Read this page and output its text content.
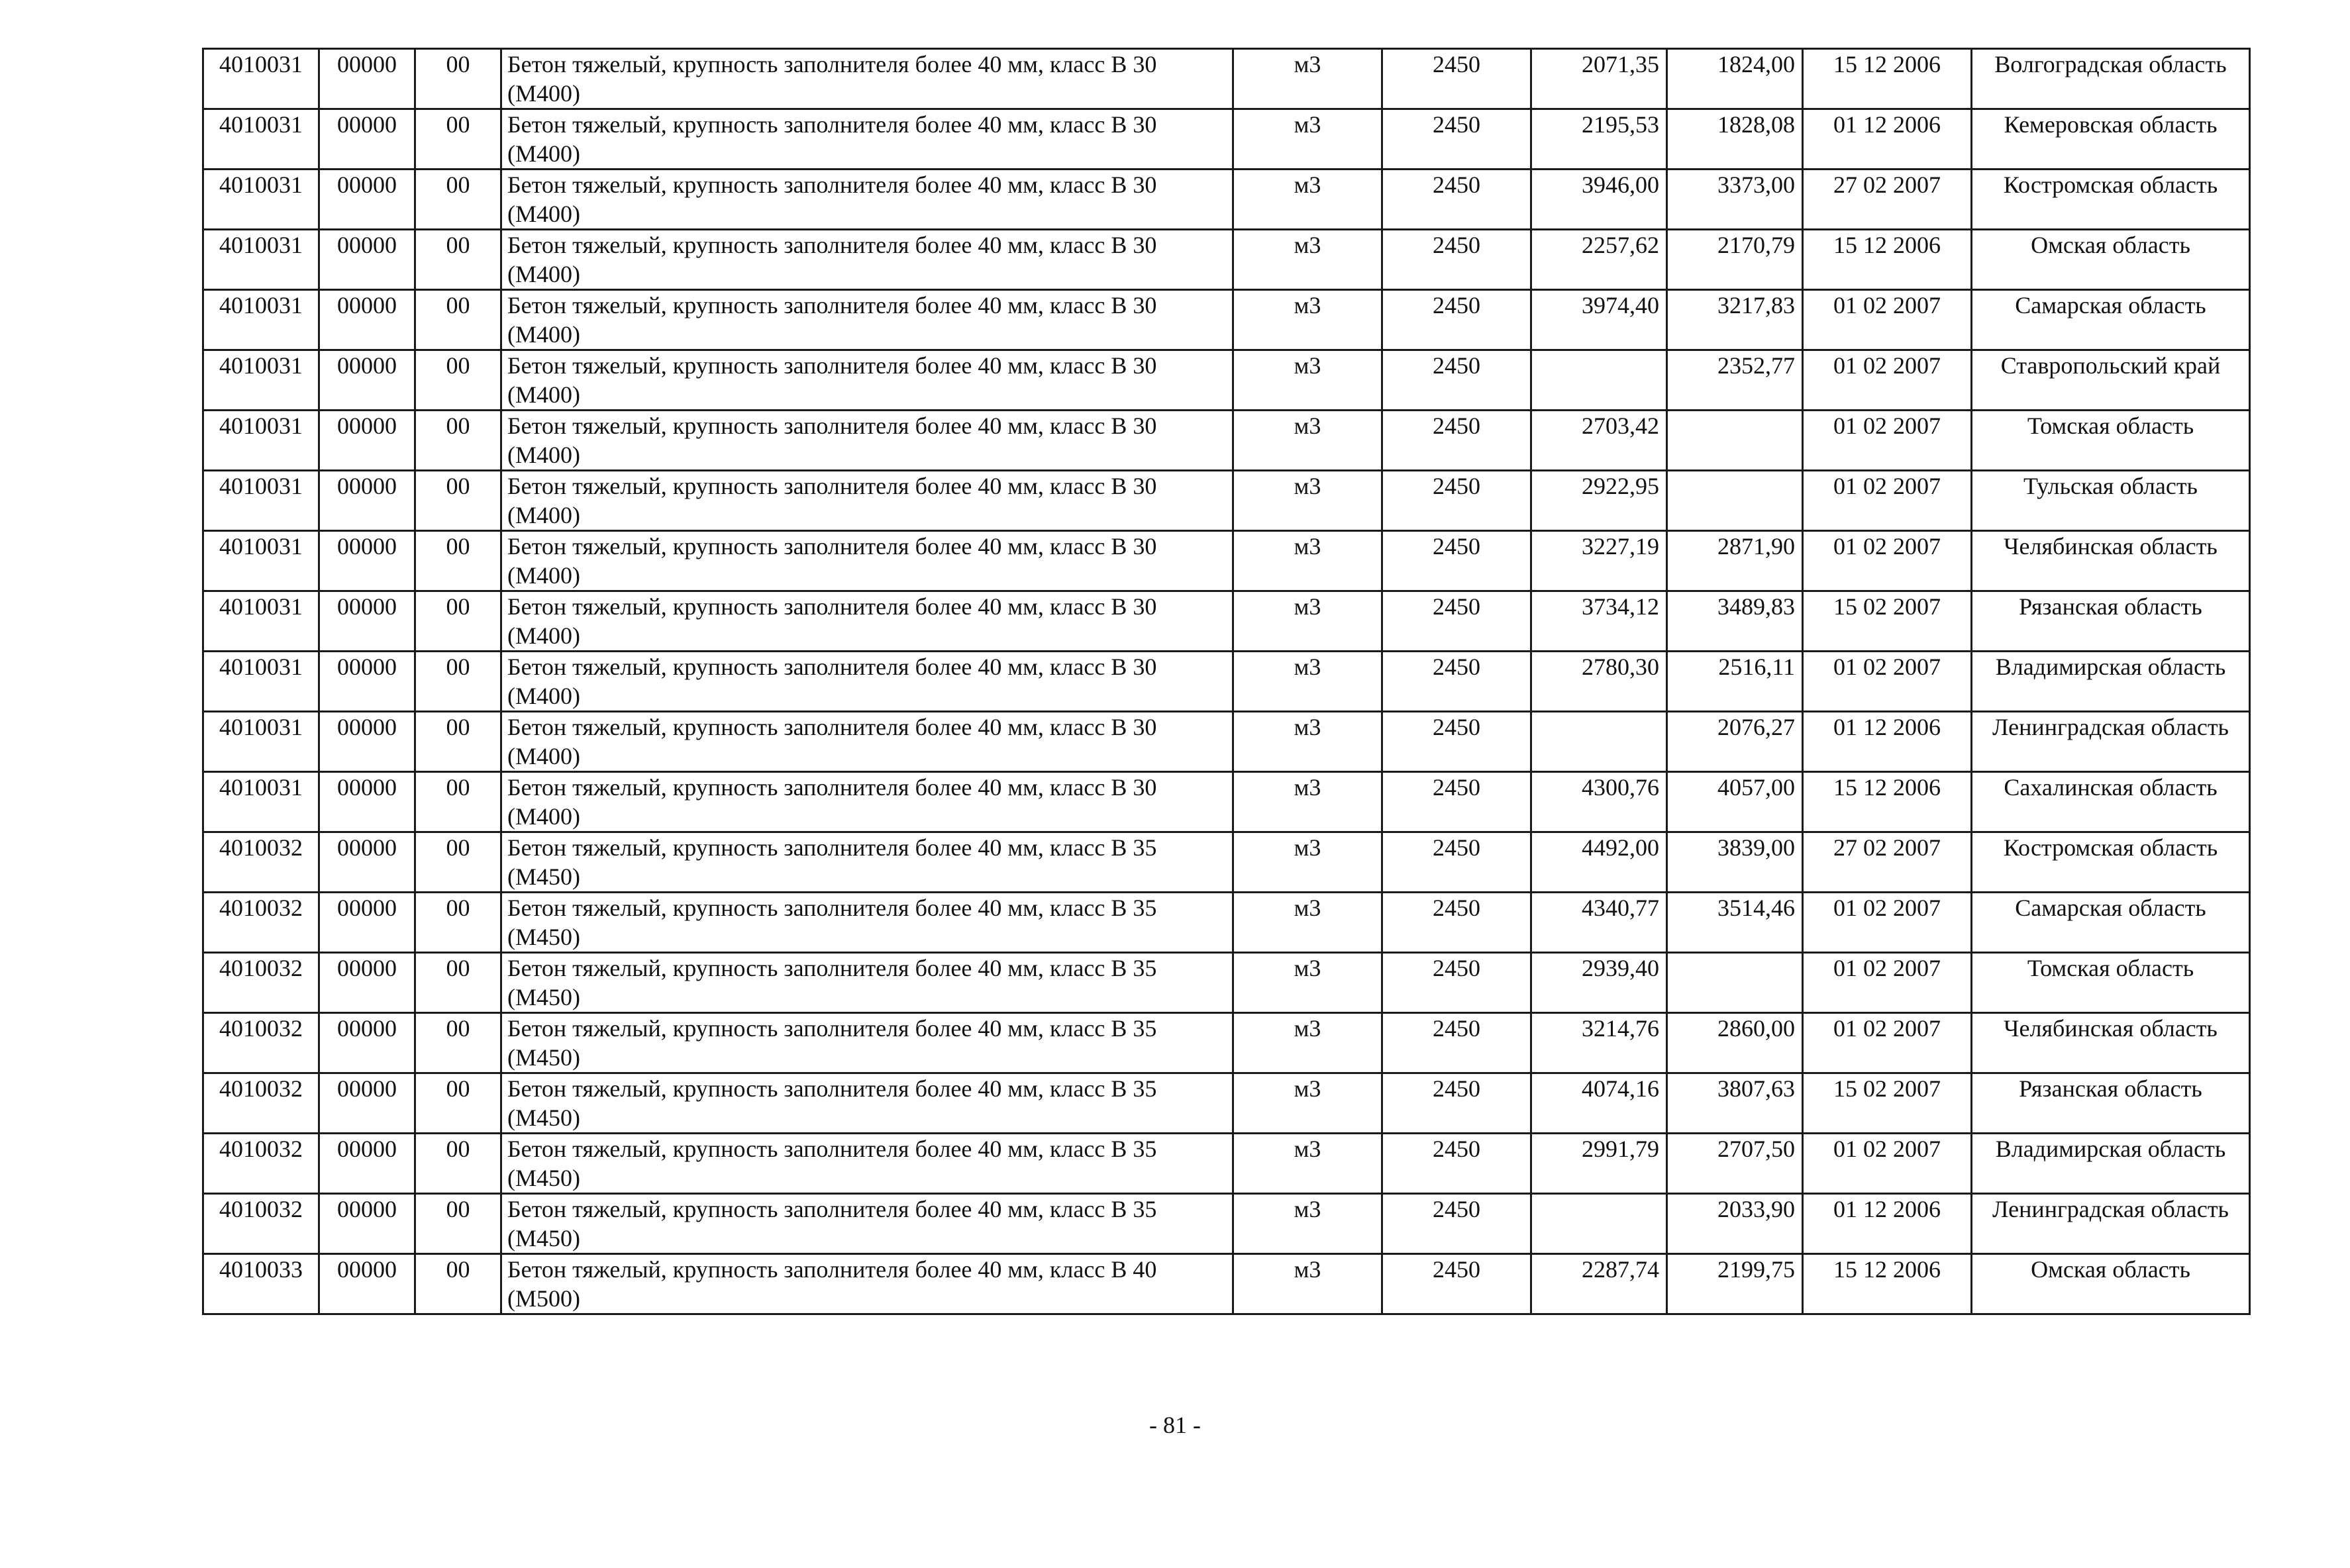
4010031	00000	00	Бетон тяжелый, крупность заполнителя более 40 мм, класс В 30 (М400)	м3	2450	2071,35	1824,00	15 12 2006	Волгоградская область
4010031	00000	00	Бетон тяжелый, крупность заполнителя более 40 мм, класс В 30 (М400)	м3	2450	2195,53	1828,08	01 12 2006	Кемеровская область
4010031	00000	00	Бетон тяжелый, крупность заполнителя более 40 мм, класс В 30 (М400)	м3	2450	3946,00	3373,00	27 02 2007	Костромская область
4010031	00000	00	Бетон тяжелый, крупность заполнителя более 40 мм, класс В 30 (М400)	м3	2450	2257,62	2170,79	15 12 2006	Омская область
4010031	00000	00	Бетон тяжелый, крупность заполнителя более 40 мм, класс В 30 (М400)	м3	2450	3974,40	3217,83	01 02 2007	Самарская область
4010031	00000	00	Бетон тяжелый, крупность заполнителя более 40 мм, класс В 30 (М400)	м3	2450		2352,77	01 02 2007	Ставропольский край
4010031	00000	00	Бетон тяжелый, крупность заполнителя более 40 мм, класс В 30 (М400)	м3	2450	2703,42		01 02 2007	Томская область
4010031	00000	00	Бетон тяжелый, крупность заполнителя более 40 мм, класс В 30 (М400)	м3	2450	2922,95		01 02 2007	Тульская область
4010031	00000	00	Бетон тяжелый, крупность заполнителя более 40 мм, класс В 30 (М400)	м3	2450	3227,19	2871,90	01 02 2007	Челябинская область
4010031	00000	00	Бетон тяжелый, крупность заполнителя более 40 мм, класс В 30 (М400)	м3	2450	3734,12	3489,83	15 02 2007	Рязанская область
4010031	00000	00	Бетон тяжелый, крупность заполнителя более 40 мм, класс В 30 (М400)	м3	2450	2780,30	2516,11	01 02 2007	Владимирская область
4010031	00000	00	Бетон тяжелый, крупность заполнителя более 40 мм, класс В 30 (М400)	м3	2450		2076,27	01 12 2006	Ленинградская область
4010031	00000	00	Бетон тяжелый, крупность заполнителя более 40 мм, класс В 30 (М400)	м3	2450	4300,76	4057,00	15 12 2006	Сахалинская область
4010032	00000	00	Бетон тяжелый, крупность заполнителя более 40 мм, класс В 35 (М450)	м3	2450	4492,00	3839,00	27 02 2007	Костромская область
4010032	00000	00	Бетон тяжелый, крупность заполнителя более 40 мм, класс В 35 (М450)	м3	2450	4340,77	3514,46	01 02 2007	Самарская область
4010032	00000	00	Бетон тяжелый, крупность заполнителя более 40 мм, класс В 35 (М450)	м3	2450	2939,40		01 02 2007	Томская область
4010032	00000	00	Бетон тяжелый, крупность заполнителя более 40 мм, класс В 35 (М450)	м3	2450	3214,76	2860,00	01 02 2007	Челябинская область
4010032	00000	00	Бетон тяжелый, крупность заполнителя более 40 мм, класс В 35 (М450)	м3	2450	4074,16	3807,63	15 02 2007	Рязанская область
4010032	00000	00	Бетон тяжелый, крупность заполнителя более 40 мм, класс В 35 (М450)	м3	2450	2991,79	2707,50	01 02 2007	Владимирская область
4010032	00000	00	Бетон тяжелый, крупность заполнителя более 40 мм, класс В 35 (М450)	м3	2450		2033,90	01 12 2006	Ленинградская область
4010033	00000	00	Бетон тяжелый, крупность заполнителя более 40 мм, класс В 40 (М500)	м3	2450	2287,74	2199,75	15 12 2006	Омская область
- 81 -
